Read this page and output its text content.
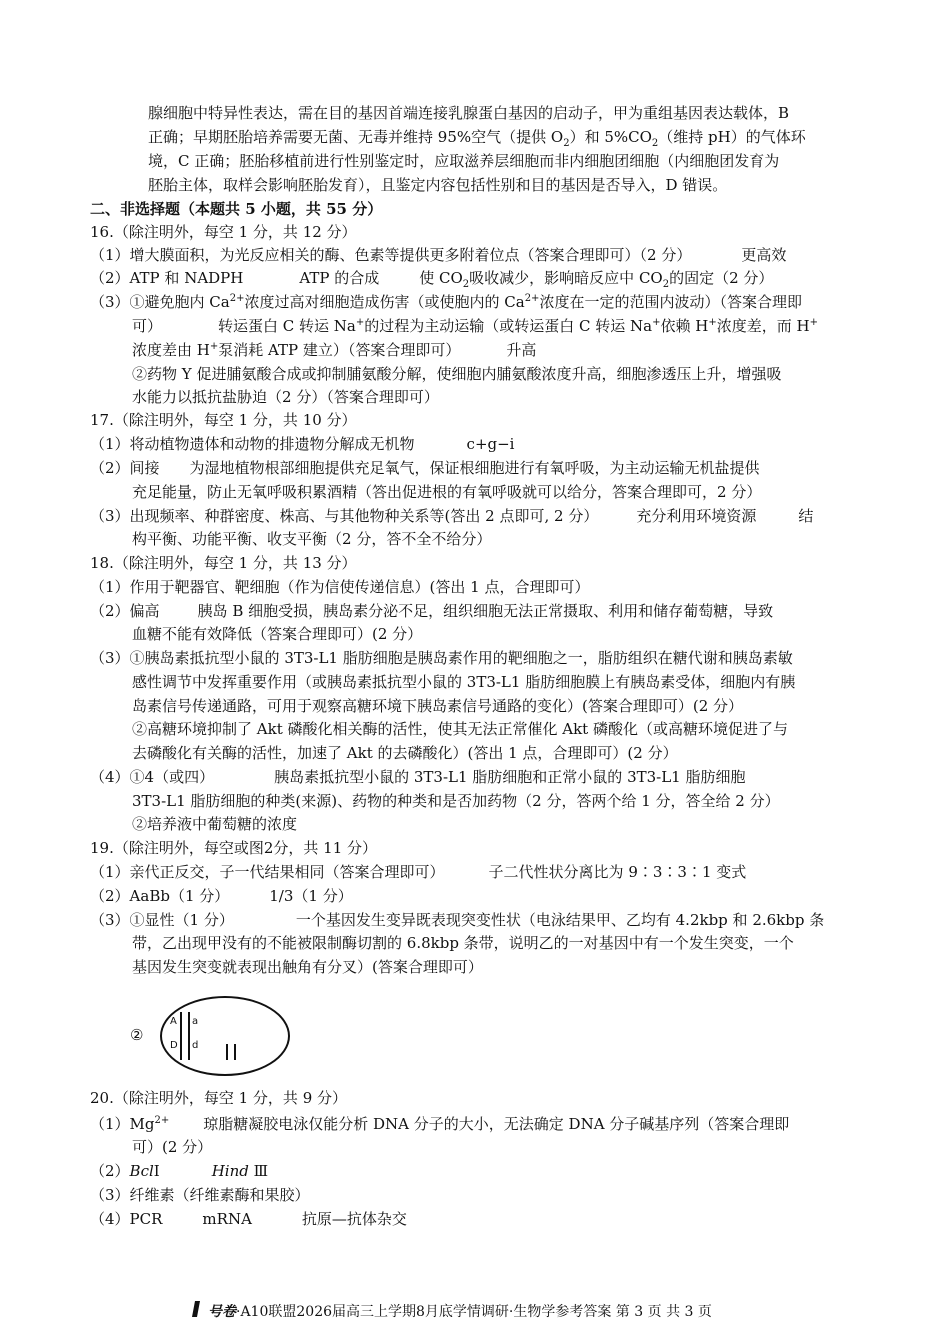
腺细胞中特异性表达，需在目的基因首端连接乳腺蛋白基因的启动子，甲为重组基因表达载体，B
正确；早期胚胎培养需要无菌、无毒并维持 95%空气（提供 $O_2$）和 $5\%CO_2$（维持 pH）的气体环
境，C 正确；胚胎移植前进行性别鉴定时，应取滋养层细胞而非内细胞团细胞（内细胞团发育为
胚胎主体，取样会影响胚胎发育），且鉴定内容包括性别和目的基因是否导入，D 错误。
二、非选择题（本题共 5 小题，共 55 分）
16.（除注明外，每空 1 分，共 12 分）
（1）增大膜面积，为光反应相关的酶、色素等提供更多附着位点（答案合理即可）（2 分）	更高效
（2）ATP 和 NADPH	ATP 的合成	使 $CO_2$吸收减少，影响暗反应中 $CO_2$的固定（2 分）
（3）①避免胞内 $Ca^{2+}$浓度过高对细胞造成伤害（或使胞内的 $Ca^{2+}$浓度在一定的范围内波动）（答案合理即
可）	转运蛋白 C 转运 Na+的过程为主动运输（或转运蛋白 C 转运 Na+依赖 H+浓度差，而 H+
浓度差由 H+泵消耗 ATP 建立）（答案合理即可）	升高
②药物 Y 促进脯氨酸合成或抑制脯氨酸分解，使细胞内脯氨酸浓度升高，细胞渗透压上升，增强吸
水能力以抵抗盐胁迫（2 分）（答案合理即可）
17.（除注明外，每空 1 分，共 10 分）
（1）将动植物遗体和动物的排遗物分解成无机物	c+g−i
（2）间接 为湿地植物根部细胞提供充足氧气，保证根细胞进行有氧呼吸，为主动运输无机盐提供
充足能量，防止无氧呼吸积累酒精（答出促进根的有氧呼吸就可以给分，答案合理即可，2 分）
（3）出现频率、种群密度、株高、与其他物种关系等(答出 2 点即可, 2 分）	充分利用环境资源	结
构平衡、功能平衡、收支平衡（2 分，答不全不给分）
18.（除注明外，每空 1 分，共 13 分）
（1）作用于靶器官、靶细胞（作为信使传递信息）(答出 1 点，合理即可）
（2）偏高	胰岛 B 细胞受损，胰岛素分泌不足，组织细胞无法正常摄取、利用和储存葡萄糖，导致
血糖不能有效降低（答案合理即可）(2 分）
（3）①胰岛素抵抗型小鼠的 3T3-L1 脂肪细胞是胰岛素作用的靶细胞之一，脂肪组织在糖代谢和胰岛素敏
感性调节中发挥重要作用（或胰岛素抵抗型小鼠的 3T3-L1 脂肪细胞膜上有胰岛素受体，细胞内有胰
岛素信号传递通路，可用于观察高糖环境下胰岛素信号通路的变化）(答案合理即可）(2 分）
②高糖环境抑制了 Akt 磷酸化相关酶的活性，使其无法正常催化 Akt 磷酸化（或高糖环境促进了与
去磷酸化有关酶的活性，加速了 Akt 的去磷酸化）(答出 1 点，合理即可）(2 分）
（4）①4（或四）	胰岛素抵抗型小鼠的 3T3-L1 脂肪细胞和正常小鼠的 3T3-L1 脂肪细胞
3T3-L1 脂肪细胞的种类(来源)、药物的种类和是否加药物（2 分，答两个给 1 分，答全给 2 分）
②培养液中葡萄糖的浓度
19.（除注明外，每空或图2分，共 11 分）
（1）亲代正反交，子一代结果相同（答案合理即可）	子二代性状分离比为 9∶3∶3∶1 变式
（2）AaBb（1 分）	1/3（1 分）
（3）①显性（1 分）	一个基因发生变异既表现突变性状（电泳结果甲、乙均有 4.2kbp 和 2.6kbp 条
带，乙出现甲没有的不能被限制酶切割的 6.8kbp 条带，说明乙的一对基因中有一个发生突变，一个
基因发生突变就表现出触角有分叉）(答案合理即可）
②
A a
D d
20.（除注明外，每空 1 分，共 9 分）
$(1)Mg^{2+}$ 琼脂糖凝胶电泳仅能分析 DNA 分子的大小，无法确定 DNA 分子碱基序列（答案合理即
可）(2 分）
（2）BclⅠ	Hind Ⅲ
（3）纤维素（纤维素酶和果胶）
（4）PCR	mRNA	抗原—抗体杂交
号卷·A10联盟2026届高三上学期8月底学情调研·生物学参考答案 第 3 页 共 3 页
